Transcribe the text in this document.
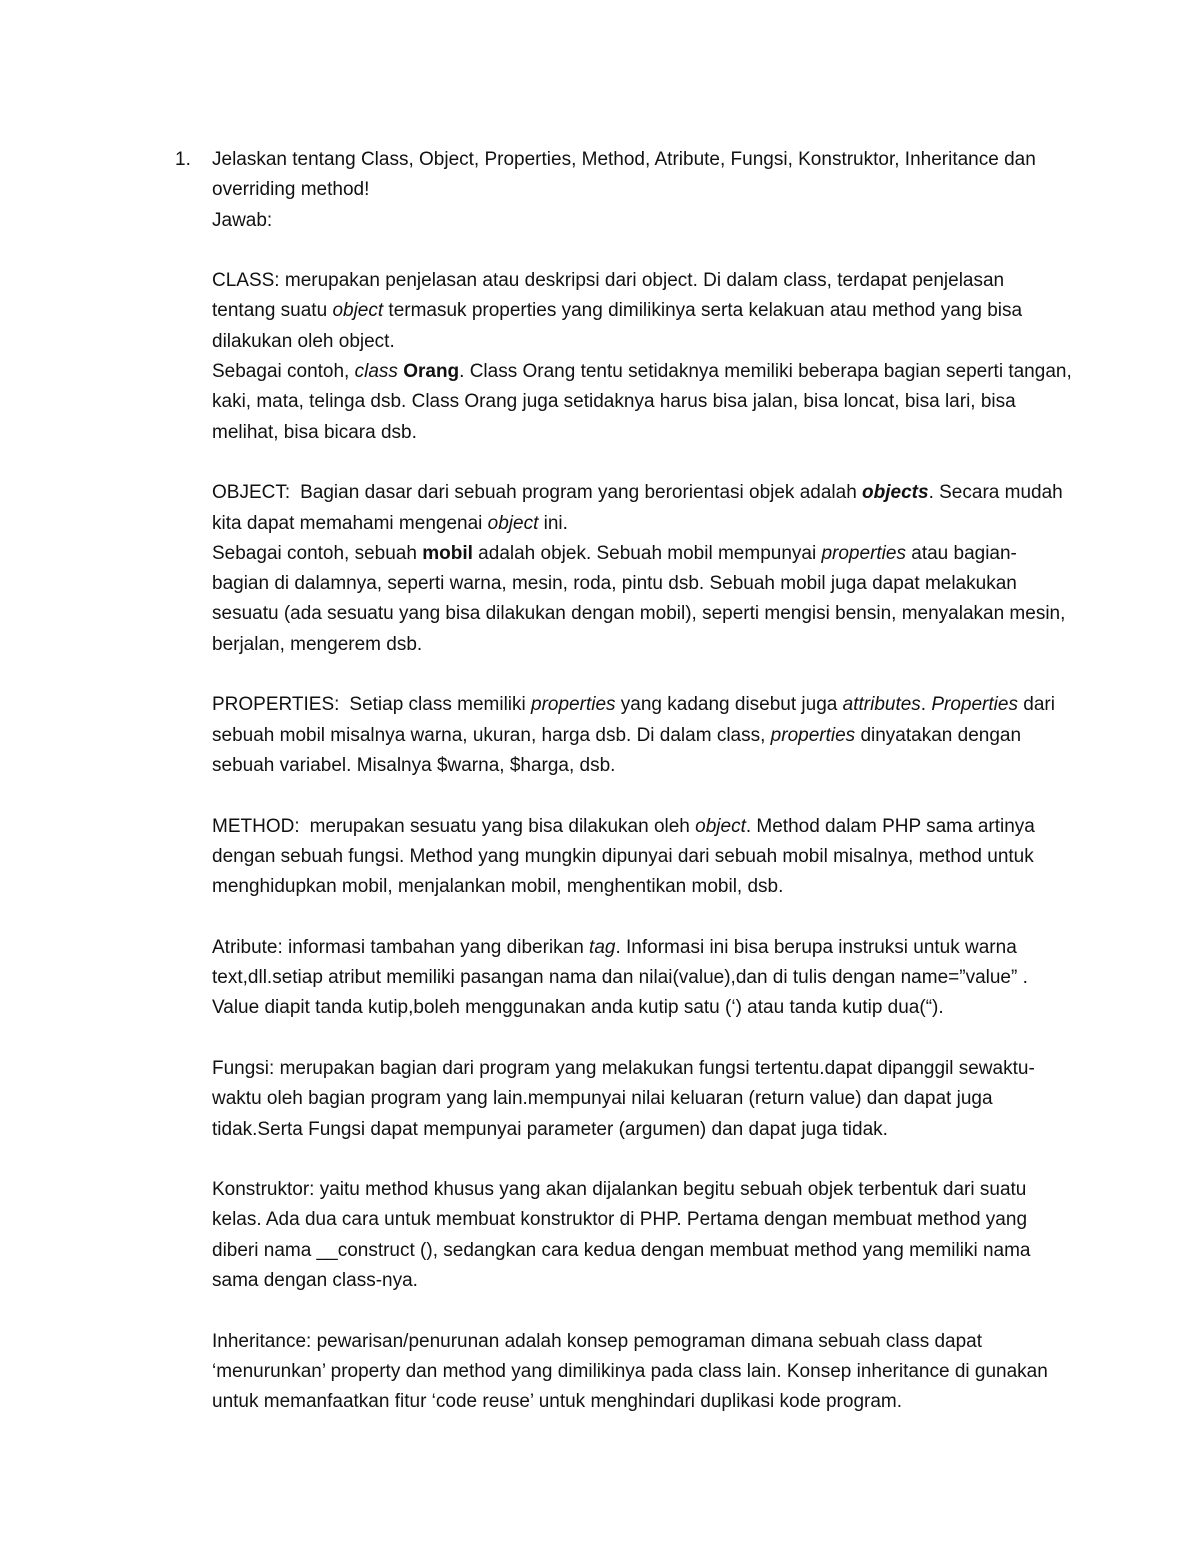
1. Jelaskan tentang Class, Object, Properties, Method, Atribute, Fungsi, Konstruktor, Inheritance dan overriding method!

Jawab:

CLASS: merupakan penjelasan atau deskripsi dari object. Di dalam class, terdapat penjelasan tentang suatu object termasuk properties yang dimilikinya serta kelakuan atau method yang bisa dilakukan oleh object.

Sebagai contoh, class Orang. Class Orang tentu setidaknya memiliki beberapa bagian seperti tangan, kaki, mata, telinga dsb. Class Orang juga setidaknya harus bisa jalan, bisa loncat, bisa lari, bisa melihat, bisa bicara dsb.

OBJECT: Bagian dasar dari sebuah program yang berorientasi objek adalah objects. Secara mudah kita dapat memahami mengenai object ini.

Sebagai contoh, sebuah mobil adalah objek. Sebuah mobil mempunyai properties atau bagian-bagian di dalamnya, seperti warna, mesin, roda, pintu dsb. Sebuah mobil juga dapat melakukan sesuatu (ada sesuatu yang bisa dilakukan dengan mobil), seperti mengisi bensin, menyalakan mesin, berjalan, mengerem dsb.

PROPERTIES: Setiap class memiliki properties yang kadang disebut juga attributes. Properties dari sebuah mobil misalnya warna, ukuran, harga dsb. Di dalam class, properties dinyatakan dengan sebuah variabel. Misalnya $warna, $harga, dsb.

METHOD: merupakan sesuatu yang bisa dilakukan oleh object. Method dalam PHP sama artinya dengan sebuah fungsi. Method yang mungkin dipunyai dari sebuah mobil misalnya, method untuk menghidupkan mobil, menjalankan mobil, menghentikan mobil, dsb.

Atribute: informasi tambahan yang diberikan tag. Informasi ini bisa berupa instruksi untuk warna text,dll.setiap atribut memiliki pasangan nama dan nilai(value),dan di tulis dengan name=”value” . Value diapit tanda kutip,boleh menggunakan anda kutip satu (‘) atau tanda kutip dua(“).

Fungsi: merupakan bagian dari program yang melakukan fungsi tertentu.dapat dipanggil sewaktu-waktu oleh bagian program yang lain.mempunyai nilai keluaran (return value) dan dapat juga tidak.Serta Fungsi dapat mempunyai parameter (argumen) dan dapat juga tidak.

Konstruktor: yaitu method khusus yang akan dijalankan begitu sebuah objek terbentuk dari suatu kelas. Ada dua cara untuk membuat konstruktor di PHP. Pertama dengan membuat method yang diberi nama __construct (), sedangkan cara kedua dengan membuat method yang memiliki nama sama dengan class-nya.

Inheritance: pewarisan/penurunan adalah konsep pemograman dimana sebuah class dapat ‘menurunkan’ property dan method yang dimilikinya pada class lain. Konsep inheritance di gunakan untuk memanfaatkan fitur ‘code reuse’ untuk menghindari duplikasi kode program.
